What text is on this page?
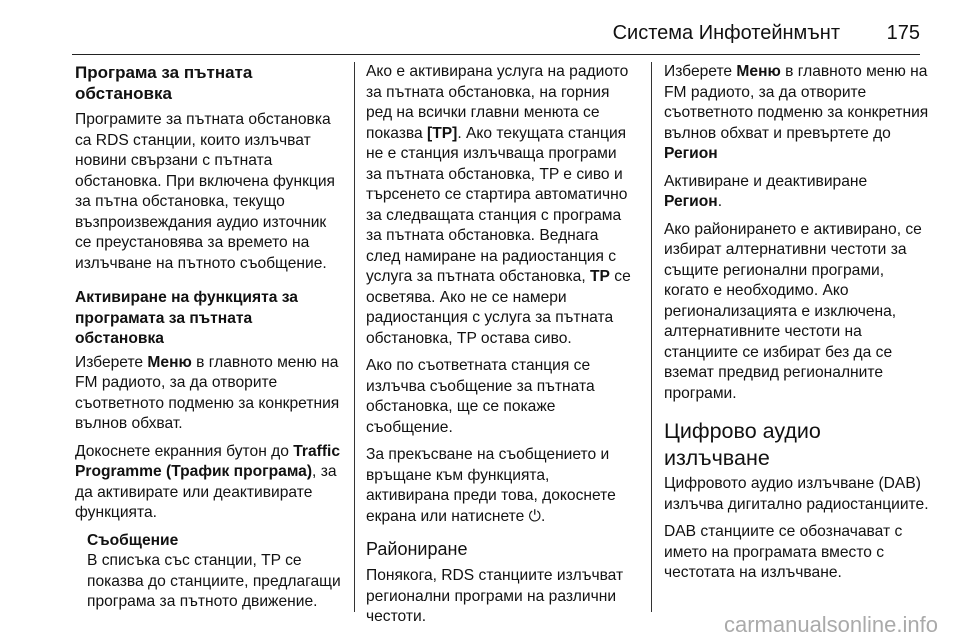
Система Инфотейнмънт 175
Програма за пътната обстановка

Програмите за пътната обстановка са RDS станции, които излъчват новини свързани с пътната обстановка. При включена функция за пътна обстановка, текущо възпроизвеждания аудио източник се преустановява за времето на излъчване на пътното съобщение.

Активиране на функцията за програмата за пътната обстановка

Изберете Меню в главното меню на FM радиото, за да отворите съответното подменю за конкретния вълнов обхват.

Докоснете екранния бутон до Traffic Programme (Трафик програма), за да активирате или деактивирате функцията.

Съобщение
В списъка със станции, TP се показва до станциите, предлагащи програма за пътното движение.

Ако е активирана услуга на радиото за пътната обстановка, на горния ред на всички главни менюта се показва [TP]. Ако текущата станция не е станция излъчваща програми за пътната обстановка, TP е сиво и търсенето се стартира автоматично за следващата станция с програма за пътната обстановка. Веднага след намиране на радиостанция с услуга за пътната обстановка, TP се осветява. Ако не се намери радиостанция с услуга за пътната обстановка, TP остава сиво.

Ако по съответната станция се излъчва съобщение за пътната обстановка, ще се покаже съобщение.

За прекъсване на съобщението и връщане към функцията, активирана преди това, докоснете екрана или натиснете ⏻.

Райониране

Понякога, RDS станциите излъчват регионални програми на различни честоти.

Изберете Меню в главното меню на FM радиото, за да отворите съответното подменю за конкретния вълнов обхват и превъртете до Регион

Активиране и деактивиране
Регион.

Ако районирането е активирано, се избират алтернативни честоти за същите регионални програми, когато е необходимо. Ако регионализацията е изключена, алтернативните честоти на станциите се избират без да се вземат предвид регионалните програми.

Цифрово аудио излъчване

Цифровото аудио излъчване (DAB) излъчва дигитално радиостанциите.

DAB станциите се обозначават с името на програмата вместо с честотата на излъчване.

carmanualsonline.info
